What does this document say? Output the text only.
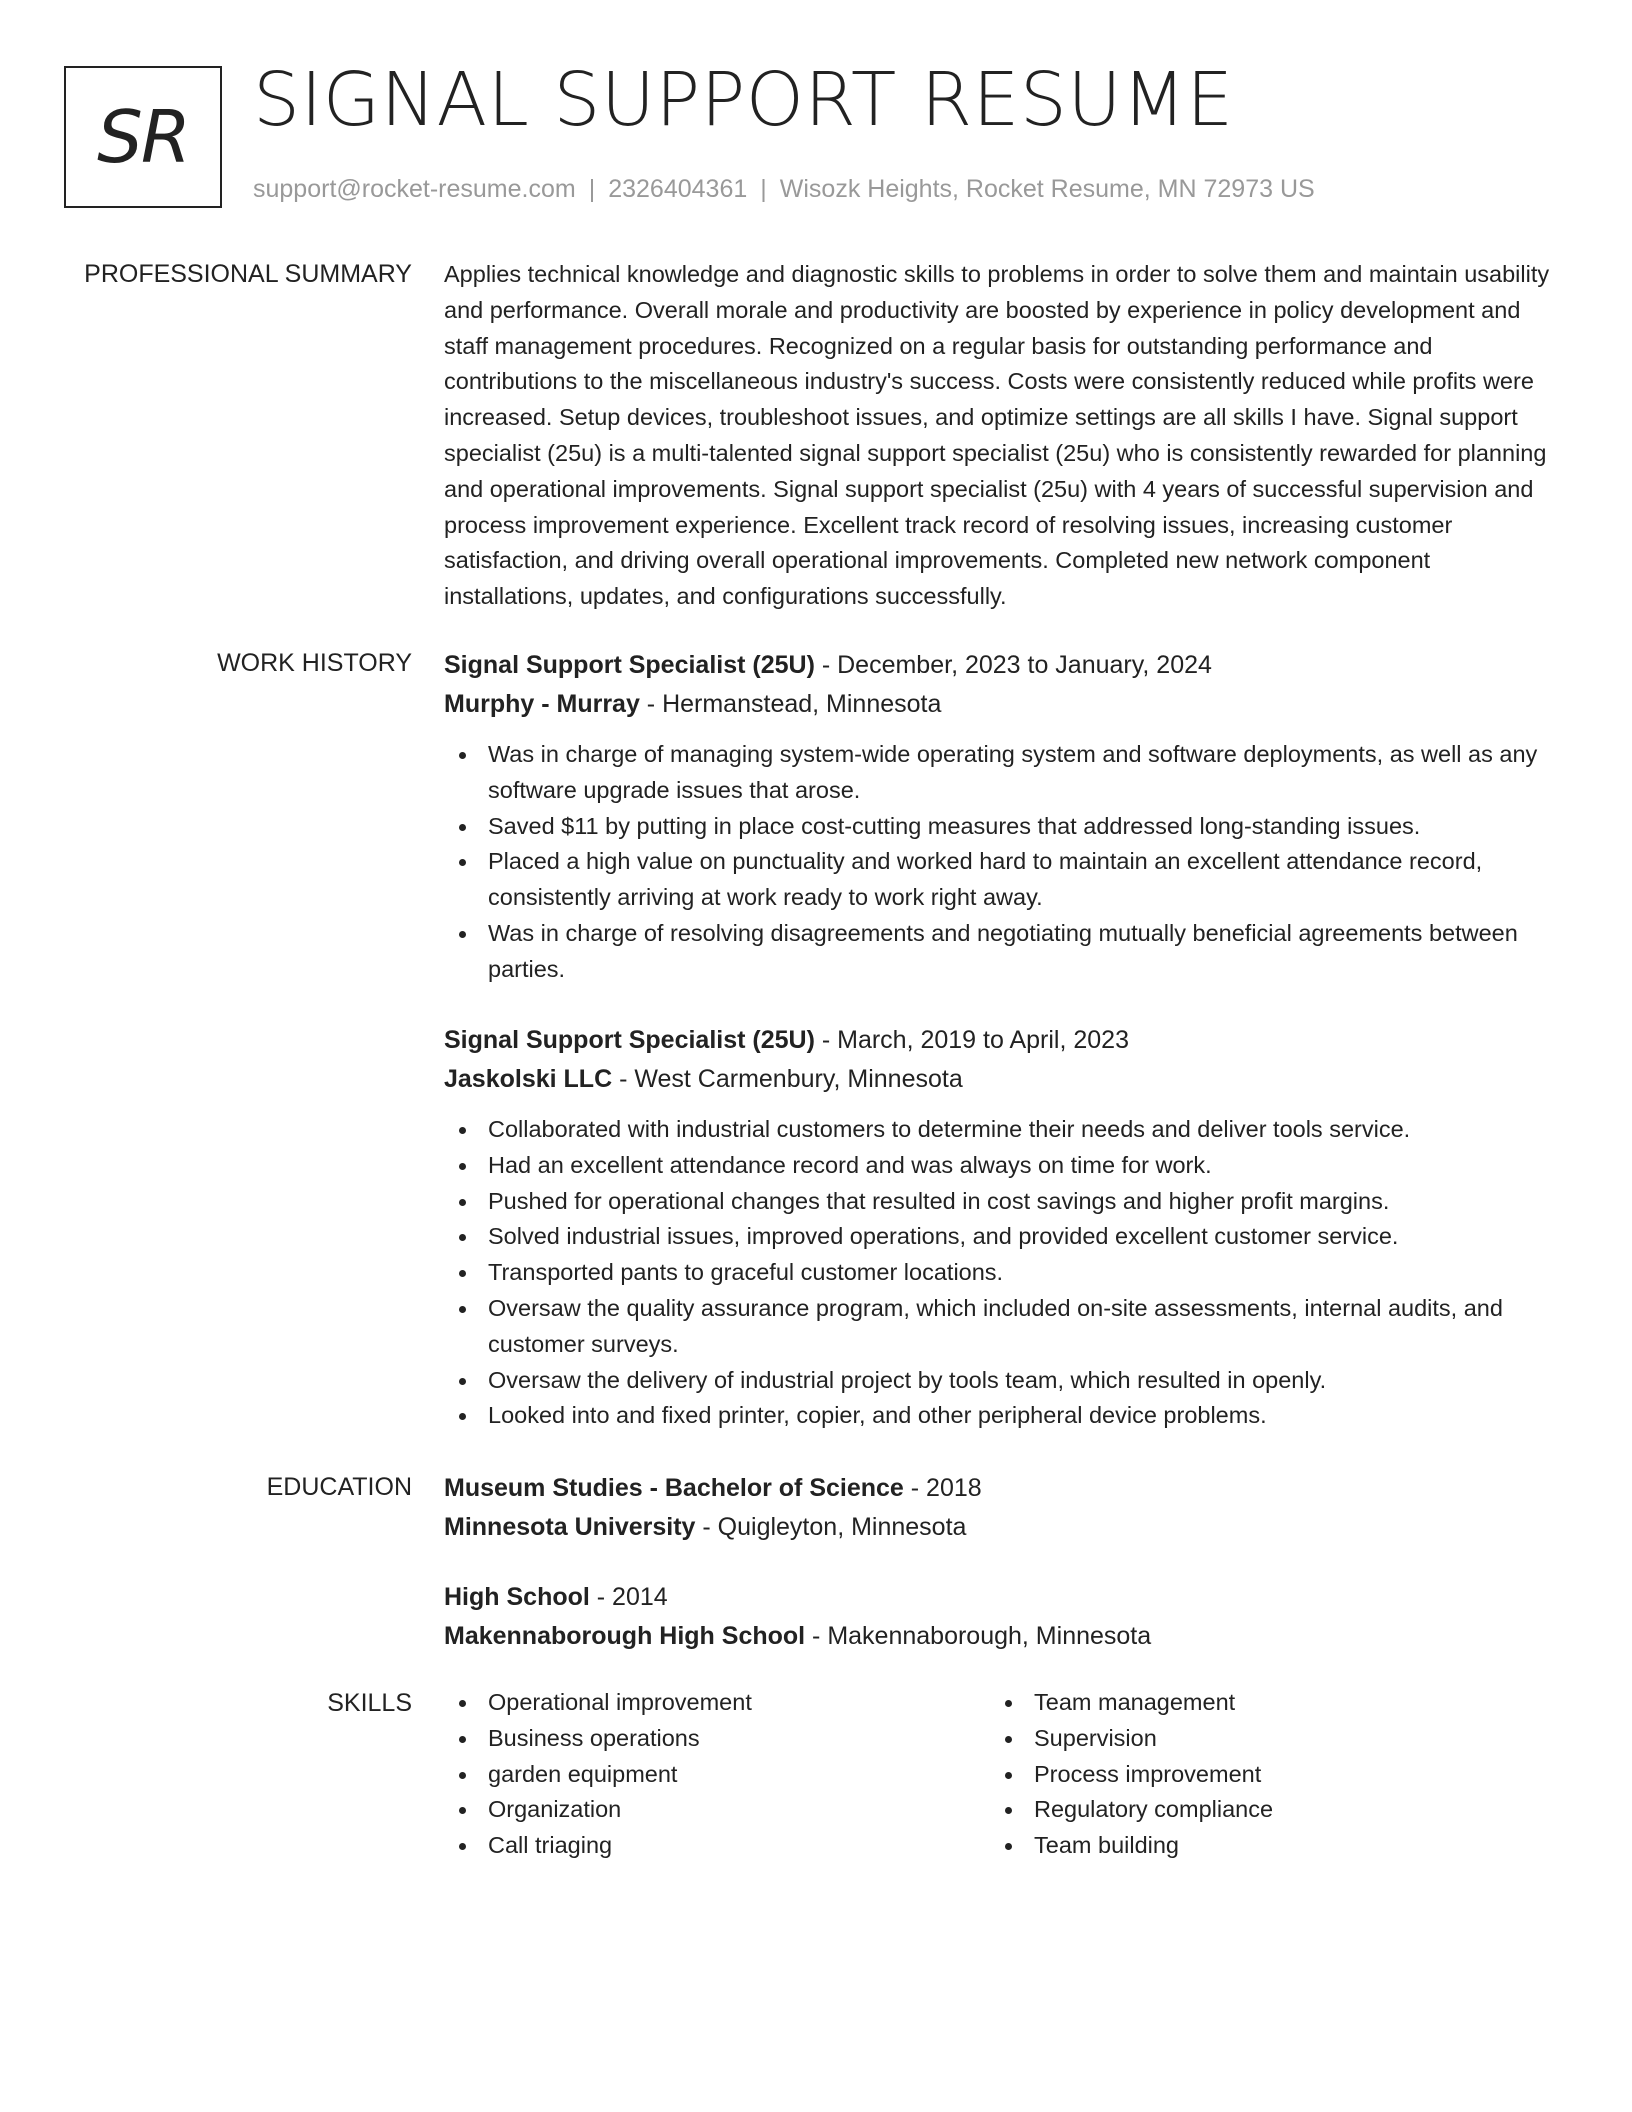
SR SIGNAL SUPPORT RESUME
support@rocket-resume.com | 2326404361 | Wisozk Heights, Rocket Resume, MN 72973 US
PROFESSIONAL SUMMARY Applies technical knowledge and diagnostic skills to problems in order to solve them and maintain usability and performance. Overall morale and productivity are boosted by experience in policy development and staff management procedures. Recognized on a regular basis for outstanding performance and contributions to the miscellaneous industry's success. Costs were consistently reduced while profits were increased. Setup devices, troubleshoot issues, and optimize settings are all skills I have. Signal support specialist (25u) is a multi-talented signal support specialist (25u) who is consistently rewarded for planning and operational improvements. Signal support specialist (25u) with 4 years of successful supervision and process improvement experience. Excellent track record of resolving issues, increasing customer satisfaction, and driving overall operational improvements. Completed new network component installations, updates, and configurations successfully.
WORK HISTORY Signal Support Specialist (25U) - December, 2023 to January, 2024
Murphy - Murray - Hermanstead, Minnesota
Was in charge of managing system-wide operating system and software deployments, as well as any software upgrade issues that arose.
Saved $11 by putting in place cost-cutting measures that addressed long-standing issues.
Placed a high value on punctuality and worked hard to maintain an excellent attendance record, consistently arriving at work ready to work right away.
Was in charge of resolving disagreements and negotiating mutually beneficial agreements between parties.
Signal Support Specialist (25U) - March, 2019 to April, 2023
Jaskolski LLC - West Carmenbury, Minnesota
Collaborated with industrial customers to determine their needs and deliver tools service.
Had an excellent attendance record and was always on time for work.
Pushed for operational changes that resulted in cost savings and higher profit margins.
Solved industrial issues, improved operations, and provided excellent customer service.
Transported pants to graceful customer locations.
Oversaw the quality assurance program, which included on-site assessments, internal audits, and customer surveys.
Oversaw the delivery of industrial project by tools team, which resulted in openly.
Looked into and fixed printer, copier, and other peripheral device problems.
EDUCATION Museum Studies - Bachelor of Science - 2018
Minnesota University - Quigleyton, Minnesota
High School - 2014
Makennaborough High School - Makennaborough, Minnesota
SKILLS	Operational improvement
Business operations
garden equipment
Organization
Call triaging
Team management
Supervision
Process improvement
Regulatory compliance
Team building
